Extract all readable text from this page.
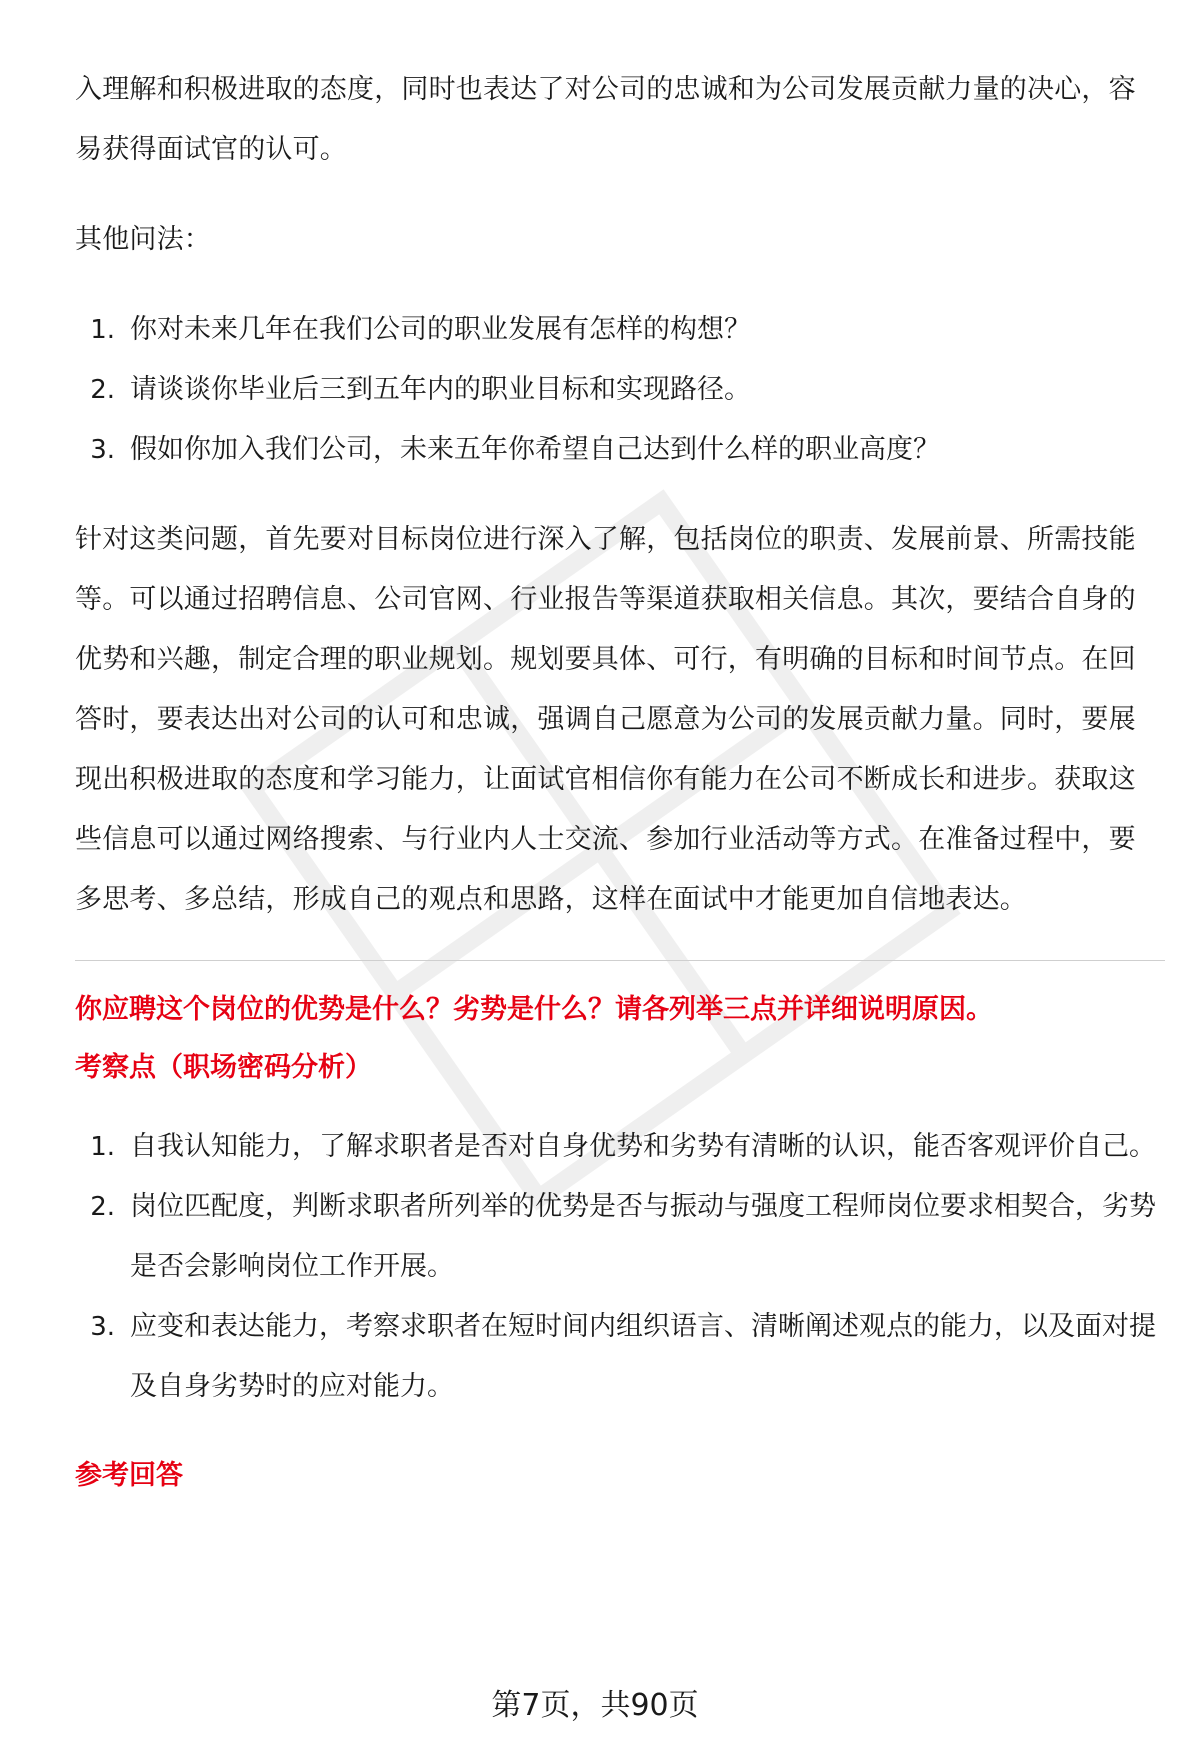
入理解和积极进取的态度，同时也表达了对公司的忠诚和为公司发展贡献力量的决心，容易获得面试官的认可。

其他问法：

1. 你对未来几年在我们公司的职业发展有怎样的构想？
2. 请谈谈你毕业后三到五年内的职业目标和实现路径。
3. 假如你加入我们公司，未来五年你希望自己达到什么样的职业高度？

针对这类问题，首先要对目标岗位进行深入了解，包括岗位的职责、发展前景、所需技能等。可以通过招聘信息、公司官网、行业报告等渠道获取相关信息。其次，要结合自身的优势和兴趣，制定合理的职业规划。规划要具体、可行，有明确的目标和时间节点。在回答时，要表达出对公司的认可和忠诚，强调自己愿意为公司的发展贡献力量。同时，要展现出积极进取的态度和学习能力，让面试官相信你有能力在公司不断成长和进步。获取这些信息可以通过网络搜索、与行业内人士交流、参加行业活动等方式。在准备过程中，要多思考、多总结，形成自己的观点和思路，这样在面试中才能更加自信地表达。

你应聘这个岗位的优势是什么？劣势是什么？请各列举三点并详细说明原因。

考察点（职场密码分析）

1. 自我认知能力，了解求职者是否对自身优势和劣势有清晰的认识，能否客观评价自己。
2. 岗位匹配度，判断求职者所列举的优势是否与振动与强度工程师岗位要求相契合，劣势是否会影响岗位工作开展。
3. 应变和表达能力，考察求职者在短时间内组织语言、清晰阐述观点的能力，以及面对提及自身劣势时的应对能力。

参考回答

第7页，共90页
